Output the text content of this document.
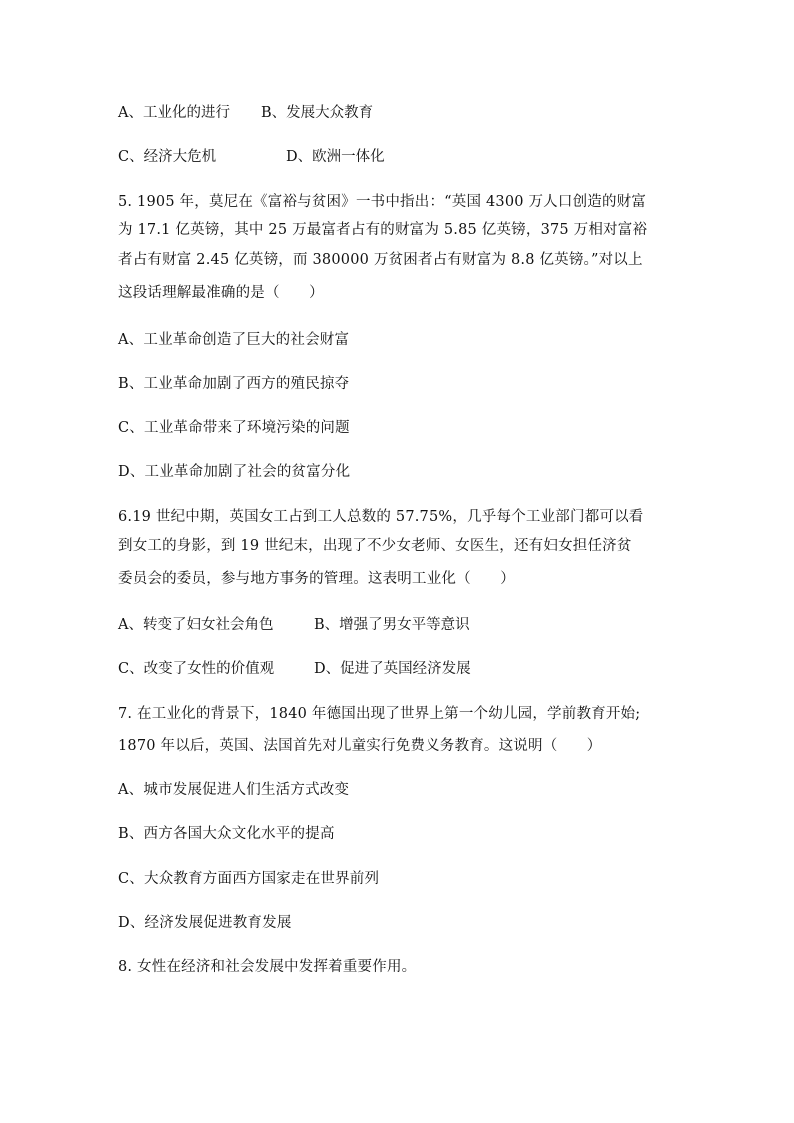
A、工业化的进行 B、发展大众教育
C、经济大危机	D、欧洲一体化
5. 1905 年，莫尼在《富裕与贫困》一书中指出：“英国 4300 万人口创造的财富
为 17.1 亿英镑，其中 25 万最富者占有的财富为 5.85 亿英镑，375 万相对富裕
者占有财富 2.45 亿英镑，而 380000 万贫困者占有财富为 8.8 亿英镑。”对以上
这段话理解最准确的是（　　）
A、工业革命创造了巨大的社会财富
B、工业革命加剧了西方的殖民掠夺
C、工业革命带来了环境污染的问题
D、工业革命加剧了社会的贫富分化
6.19 世纪中期，英国女工占到工人总数的 57.75%，几乎每个工业部门都可以看
到女工的身影，到 19 世纪末，出现了不少女老师、女医生，还有妇女担任济贫
委员会的委员，参与地方事务的管理。这表明工业化（　　）
A、转变了妇女社会角色	B、增强了男女平等意识
C、改变了女性的价值观	D、促进了英国经济发展
7. 在工业化的背景下，1840 年德国出现了世界上第一个幼儿园，学前教育开始;
1870 年以后，英国、法国首先对儿童实行免费义务教育。这说明（　　）
A、城市发展促进人们生活方式改变
B、西方各国大众文化水平的提高
C、大众教育方面西方国家走在世界前列
D、经济发展促进教育发展
8. 女性在经济和社会发展中发挥着重要作用。
